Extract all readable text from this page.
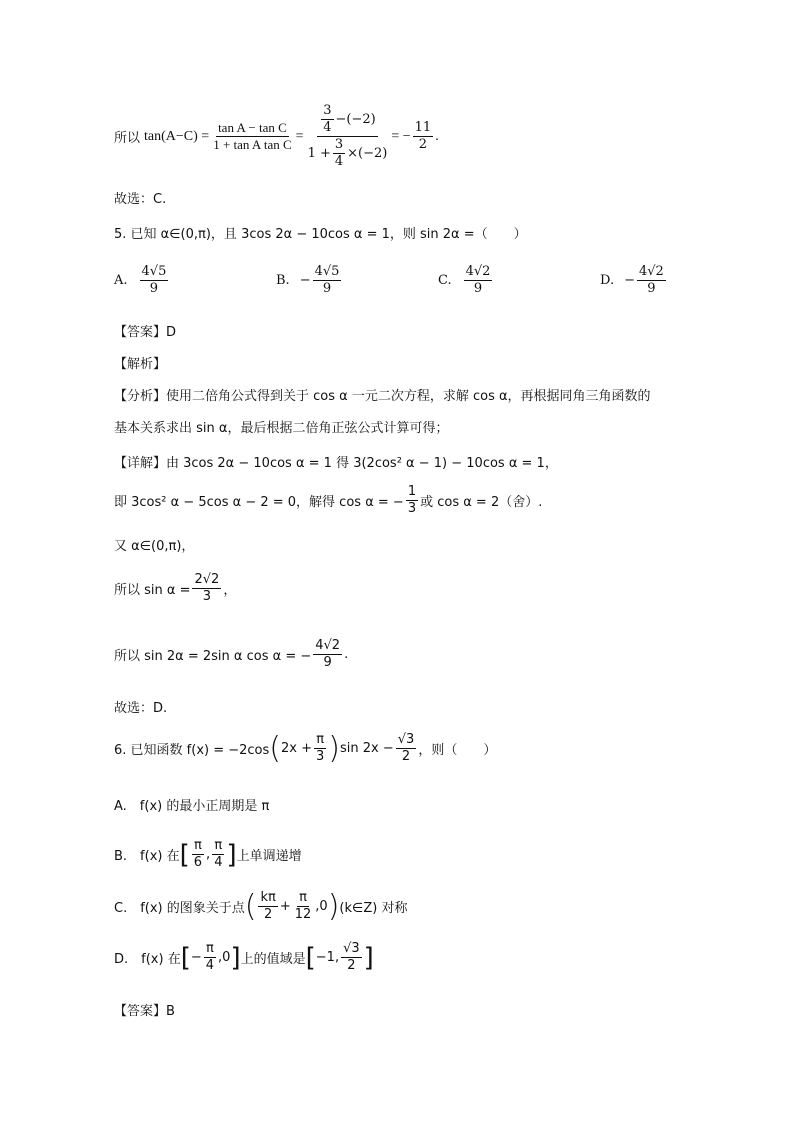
所以 $\tan(A-C) = \frac{\text{tan A − tan C}}{\text{1 + tan A tan C}} = \frac{\frac{3}{4} -(-2)}{1 + \frac{3}{4} \times(-2)}$ = − $\frac{11}{2}$ .
故选：C.
5. 已知 α∈(0,π)，且 3cos 2α − 10cos α = 1，则 sin 2α =（　　）
A. $\frac{4√5}{9}$	B. − $\frac{4√5}{9}$	C. $\frac{4√2}{9}$	D. − $\frac{4√2}{9}$
【答案】D
【解析】
【分析】使用二倍角公式得到关于 cos α 一元二次方程，求解 cos α，再根据同角三角函数的
基本关系求出 sin α，最后根据二倍角正弦公式计算可得；
【详解】由 3cos 2α − 10cos α = 1 得 3(2cos² α − 1) − 10cos α = 1，
即 3cos² α − 5cos α − 2 = 0，解得 cos α = − $\frac{1}{3}$ 或 cos α = 2（舍）.
又 α∈(0,π)，
所以 $\sin \alpha = \frac{2√2}{3}$ ，
所以 sin 2α = 2sin α cos α = − $\frac{4√2}{9}$ .
故选：D.
6. 已知函数 f(x) = −2cos ( $2x + \frac{\pi}{3}$ ) $\sin 2x - \frac{√3}{2}$ ，则（　　）
A.　f(x) 的最小正周期是 π
B.　f(x) 在 [ $\frac{\pi}{6}$ , $\frac{\pi}{4}$ ] 上单调递增
C.　f(x) 的图象关于点 ( $\frac{k\pi}{2} + \frac{\pi}{12} ,0$ ) (k∈Z) 对称
D.　f(x) 在 [ − $\frac{\pi}{4} ,0$ ] 上的值域是 [ −1, $\frac{√3}{2}$ ]
【答案】B
